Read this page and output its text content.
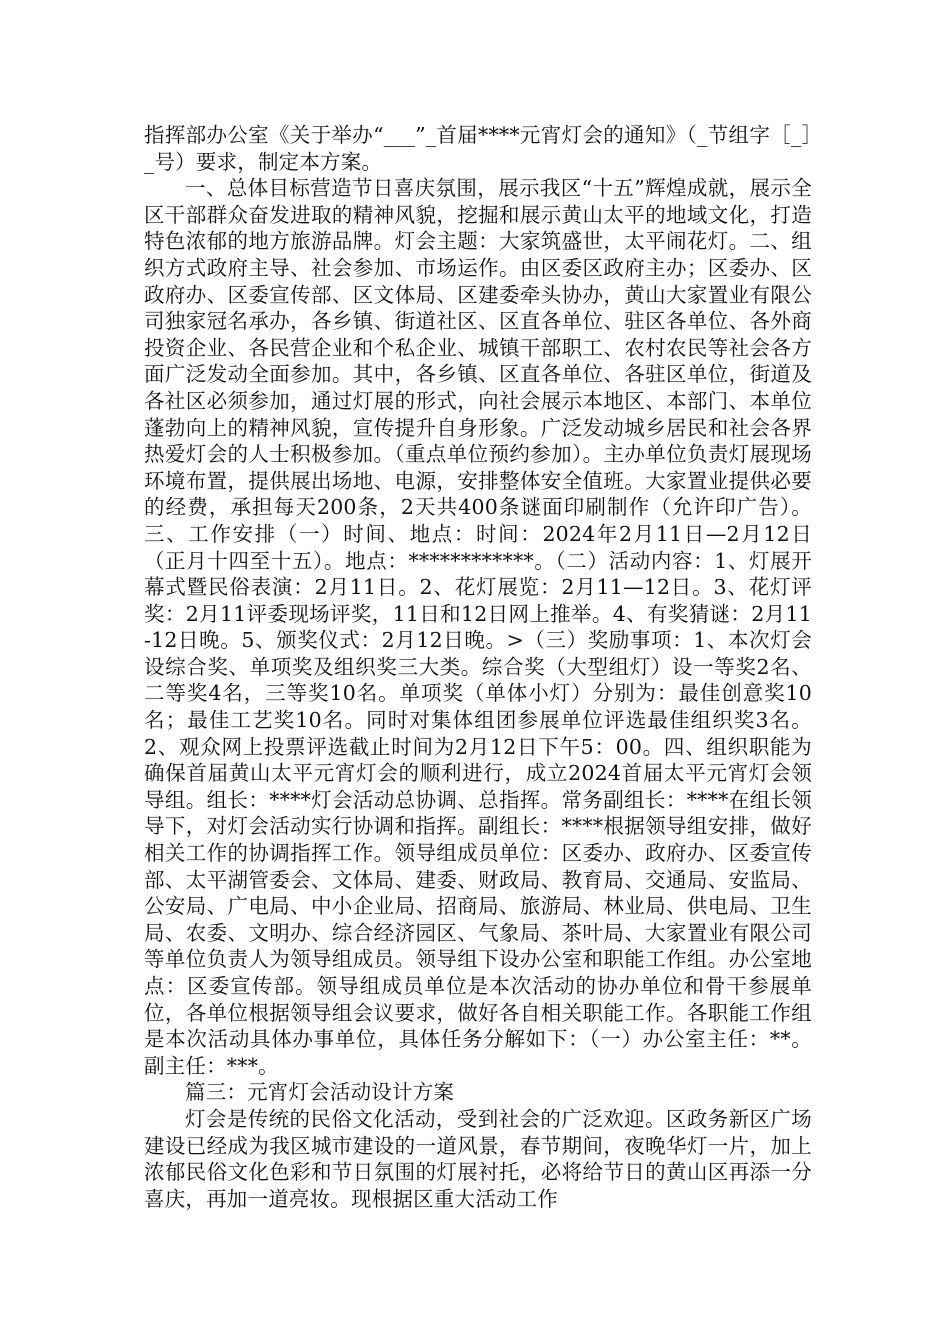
指挥部办公室《关于举办“___”_首届****元宵灯会的通知》（_节组字［_］_号）要求，制定本方案。

一、总体目标营造节日喜庆氛围，展示我区“十五”辉煌成就，展示全区干部群众奋发进取的精神风貌，挖掘和展示黄山太平的地域文化，打造特色浓郁的地方旅游品牌。灯会主题：大家筑盛世，太平闹花灯。二、组织方式政府主导、社会参加、市场运作。由区委区政府主办；区委办、区政府办、区委宣传部、区文体局、区建委牵头协办，黄山大家置业有限公司独家冠名承办，各乡镇、街道社区、区直各单位、驻区各单位、各外商投资企业、各民营企业和个私企业、城镇干部职工、农村农民等社会各方面广泛发动全面参加。其中，各乡镇、区直各单位、各驻区单位，街道及各社区必须参加，通过灯展的形式，向社会展示本地区、本部门、本单位蓬勃向上的精神风貌，宣传提升自身形象。广泛发动城乡居民和社会各界热爱灯会的人士积极参加。（重点单位预约参加）。主办单位负责灯展现场环境布置，提供展出场地、电源，安排整体安全值班。大家置业提供必要的经费，承担每天200条，2天共400条谜面印刷制作（允许印广告）。三、工作安排（一）时间、地点：时间：2024年2月11日—2月12日（正月十四至十五）。地点：************。（二）活动内容：1、灯展开幕式暨民俗表演：2月11日。2、花灯展览：2月11—12日。3、花灯评奖：2月11评委现场评奖，11日和12日网上推举。4、有奖猜谜：2月11-12日晚。5、颁奖仪式：2月12日晚。>（三）奖励事项：1、本次灯会设综合奖、单项奖及组织奖三大类。综合奖（大型组灯）设一等奖2名、二等奖4名，三等奖10名。单项奖（单体小灯）分别为：最佳创意奖10名；最佳工艺奖10名。同时对集体组团参展单位评选最佳组织奖3名。2、观众网上投票评选截止时间为2月12日下午5：00。四、组织职能为确保首届黄山太平元宵灯会的顺利进行，成立2024首届太平元宵灯会领导组。组长：****灯会活动总协调、总指挥。常务副组长：****在组长领导下，对灯会活动实行协调和指挥。副组长：****根据领导组安排，做好相关工作的协调指挥工作。领导组成员单位：区委办、政府办、区委宣传部、太平湖管委会、文体局、建委、财政局、教育局、交通局、安监局、公安局、广电局、中小企业局、招商局、旅游局、林业局、供电局、卫生局、农委、文明办、综合经济园区、气象局、茶叶局、大家置业有限公司等单位负责人为领导组成员。领导组下设办公室和职能工作组。办公室地点：区委宣传部。领导组成员单位是本次活动的协办单位和骨干参展单位，各单位根据领导组会议要求，做好各自相关职能工作。各职能工作组是本次活动具体办事单位，具体任务分解如下：（一）办公室主任：**。副主任：***。

篇三：元宵灯会活动设计方案

灯会是传统的民俗文化活动，受到社会的广泛欢迎。区政务新区广场建设已经成为我区城市建设的一道风景，春节期间，夜晚华灯一片，加上浓郁民俗文化色彩和节日氛围的灯展衬托，必将给节日的黄山区再添一分喜庆，再加一道亮妆。现根据区重大活动工作
